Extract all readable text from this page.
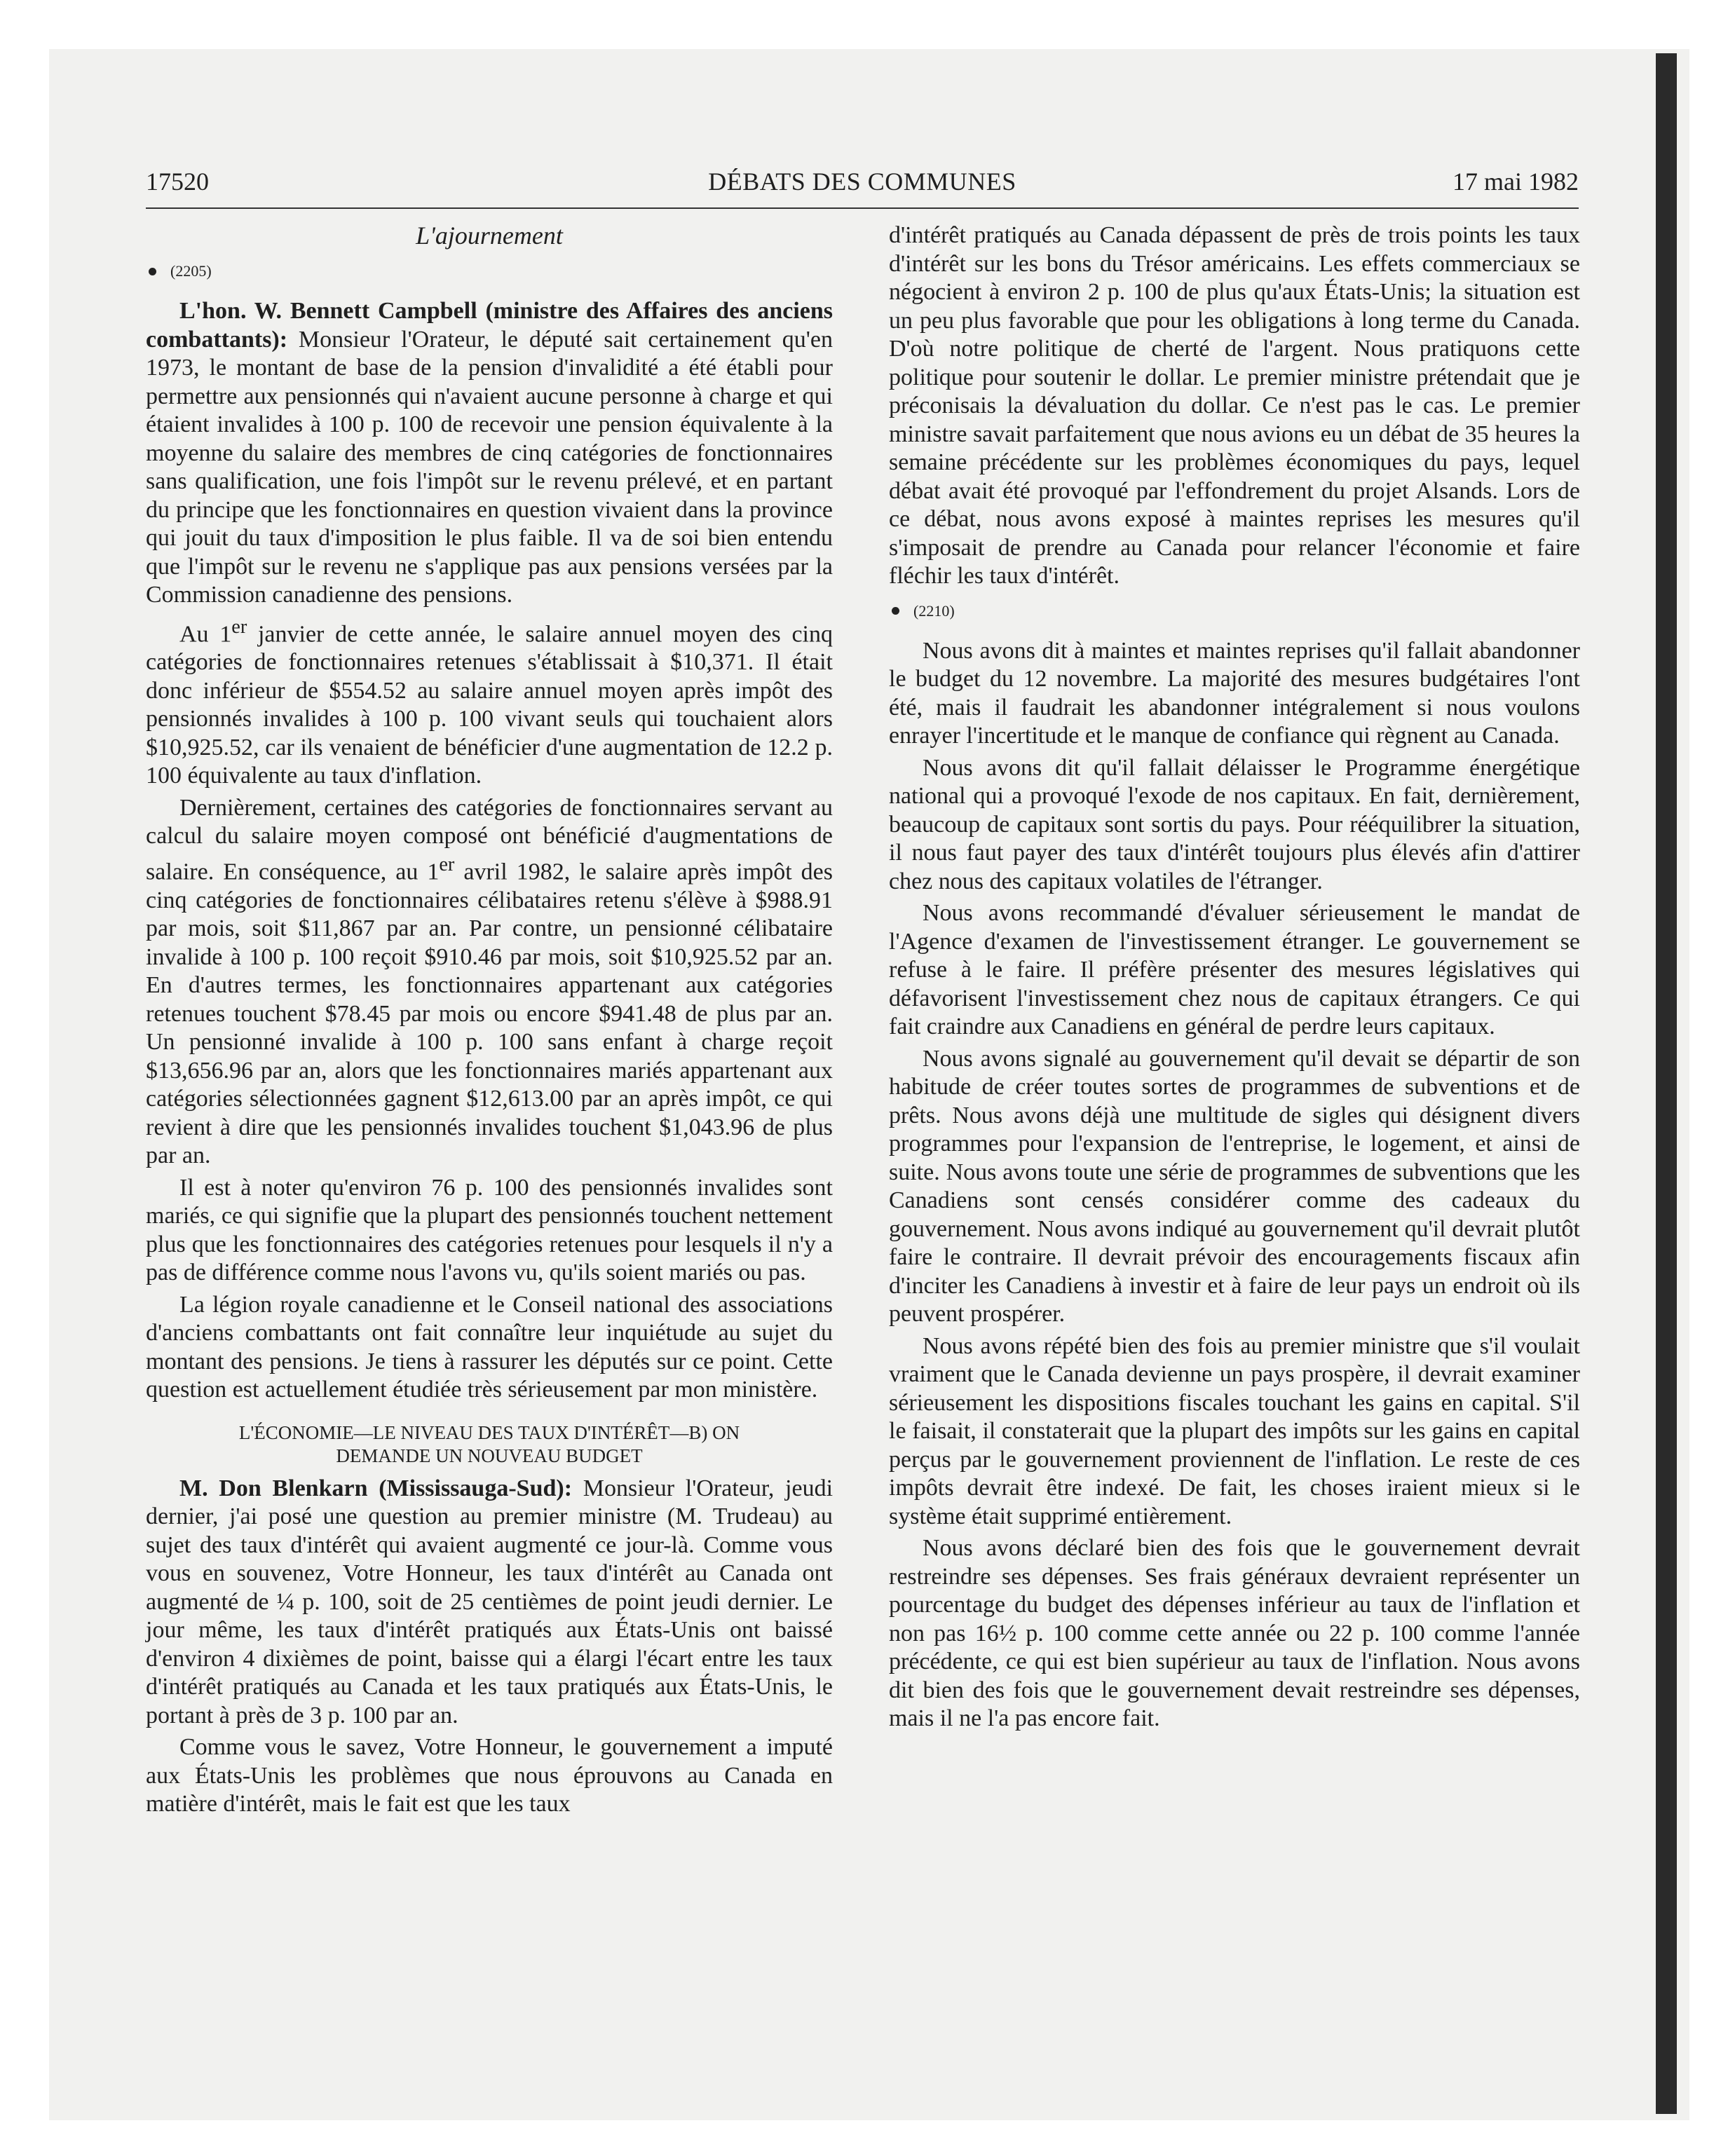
17520	DÉBATS DES COMMUNES	17 mai 1982
L'ajournement
(2205)

L'hon. W. Bennett Campbell (ministre des Affaires des anciens combattants): Monsieur l'Orateur, le député sait certainement qu'en 1973, le montant de base de la pension d'invalidité a été établi pour permettre aux pensionnés qui n'avaient aucune personne à charge et qui étaient invalides à 100 p. 100 de recevoir une pension équivalente à la moyenne du salaire des membres de cinq catégories de fonctionnaires sans qualification, une fois l'impôt sur le revenu prélevé, et en partant du principe que les fonctionnaires en question vivaient dans la province qui jouit du taux d'imposition le plus faible. Il va de soi bien entendu que l'impôt sur le revenu ne s'applique pas aux pensions versées par la Commission canadienne des pensions.

Au 1er janvier de cette année, le salaire annuel moyen des cinq catégories de fonctionnaires retenues s'établissait à $10,371. Il était donc inférieur de $554.52 au salaire annuel moyen après impôt des pensionnés invalides à 100 p. 100 vivant seuls qui touchaient alors $10,925.52, car ils venaient de bénéficier d'une augmentation de 12.2 p. 100 équivalente au taux d'inflation.

Dernièrement, certaines des catégories de fonctionnaires servant au calcul du salaire moyen composé ont bénéficié d'augmentations de salaire. En conséquence, au 1er avril 1982, le salaire après impôt des cinq catégories de fonctionnaires célibataires retenu s'élève à $988.91 par mois, soit $11,867 par an. Par contre, un pensionné célibataire invalide à 100 p. 100 reçoit $910.46 par mois, soit $10,925.52 par an. En d'autres termes, les fonctionnaires appartenant aux catégories retenues touchent $78.45 par mois ou encore $941.48 de plus par an. Un pensionné invalide à 100 p. 100 sans enfant à charge reçoit $13,656.96 par an, alors que les fonctionnaires mariés appartenant aux catégories sélectionnées gagnent $12,613.00 par an après impôt, ce qui revient à dire que les pensionnés invalides touchent $1,043.96 de plus par an.

Il est à noter qu'environ 76 p. 100 des pensionnés invalides sont mariés, ce qui signifie que la plupart des pensionnés touchent nettement plus que les fonctionnaires des catégories retenues pour lesquels il n'y a pas de différence comme nous l'avons vu, qu'ils soient mariés ou pas.

La légion royale canadienne et le Conseil national des associations d'anciens combattants ont fait connaître leur inquiétude au sujet du montant des pensions. Je tiens à rassurer les députés sur ce point. Cette question est actuellement étudiée très sérieusement par mon ministère.

L'ÉCONOMIE—LE NIVEAU DES TAUX D'INTÉRÊT—B) ON
DEMANDE UN NOUVEAU BUDGET

M. Don Blenkarn (Mississauga-Sud): Monsieur l'Orateur, jeudi dernier, j'ai posé une question au premier ministre (M. Trudeau) au sujet des taux d'intérêt qui avaient augmenté ce jour-là. Comme vous vous en souvenez, Votre Honneur, les taux d'intérêt au Canada ont augmenté de ¼ p. 100, soit de 25 centièmes de point jeudi dernier. Le jour même, les taux d'intérêt pratiqués aux États-Unis ont baissé d'environ 4 dixièmes de point, baisse qui a élargi l'écart entre les taux d'intérêt pratiqués au Canada et les taux pratiqués aux États-Unis, le portant à près de 3 p. 100 par an.

Comme vous le savez, Votre Honneur, le gouvernement a imputé aux États-Unis les problèmes que nous éprouvons au Canada en matière d'intérêt, mais le fait est que les taux

d'intérêt pratiqués au Canada dépassent de près de trois points les taux d'intérêt sur les bons du Trésor américains. Les effets commerciaux se négocient à environ 2 p. 100 de plus qu'aux États-Unis; la situation est un peu plus favorable que pour les obligations à long terme du Canada. D'où notre politique de cherté de l'argent. Nous pratiquons cette politique pour soutenir le dollar. Le premier ministre prétendait que je préconisais la dévaluation du dollar. Ce n'est pas le cas. Le premier ministre savait parfaitement que nous avions eu un débat de 35 heures la semaine précédente sur les problèmes économiques du pays, lequel débat avait été provoqué par l'effondrement du projet Alsands. Lors de ce débat, nous avons exposé à maintes reprises les mesures qu'il s'imposait de prendre au Canada pour relancer l'économie et faire fléchir les taux d'intérêt.

(2210)

Nous avons dit à maintes et maintes reprises qu'il fallait abandonner le budget du 12 novembre. La majorité des mesures budgétaires l'ont été, mais il faudrait les abandonner intégralement si nous voulons enrayer l'incertitude et le manque de confiance qui règnent au Canada.

Nous avons dit qu'il fallait délaisser le Programme énergétique national qui a provoqué l'exode de nos capitaux. En fait, dernièrement, beaucoup de capitaux sont sortis du pays. Pour rééquilibrer la situation, il nous faut payer des taux d'intérêt toujours plus élevés afin d'attirer chez nous des capitaux volatiles de l'étranger.

Nous avons recommandé d'évaluer sérieusement le mandat de l'Agence d'examen de l'investissement étranger. Le gouvernement se refuse à le faire. Il préfère présenter des mesures législatives qui défavorisent l'investissement chez nous de capitaux étrangers. Ce qui fait craindre aux Canadiens en général de perdre leurs capitaux.

Nous avons signalé au gouvernement qu'il devait se départir de son habitude de créer toutes sortes de programmes de subventions et de prêts. Nous avons déjà une multitude de sigles qui désignent divers programmes pour l'expansion de l'entreprise, le logement, et ainsi de suite. Nous avons toute une série de programmes de subventions que les Canadiens sont censés considérer comme des cadeaux du gouvernement. Nous avons indiqué au gouvernement qu'il devrait plutôt faire le contraire. Il devrait prévoir des encouragements fiscaux afin d'inciter les Canadiens à investir et à faire de leur pays un endroit où ils peuvent prospérer.

Nous avons répété bien des fois au premier ministre que s'il voulait vraiment que le Canada devienne un pays prospère, il devrait examiner sérieusement les dispositions fiscales touchant les gains en capital. S'il le faisait, il constaterait que la plupart des impôts sur les gains en capital perçus par le gouvernement proviennent de l'inflation. Le reste de ces impôts devrait être indexé. De fait, les choses iraient mieux si le système était supprimé entièrement.

Nous avons déclaré bien des fois que le gouvernement devrait restreindre ses dépenses. Ses frais généraux devraient représenter un pourcentage du budget des dépenses inférieur au taux de l'inflation et non pas 16½ p. 100 comme cette année ou 22 p. 100 comme l'année précédente, ce qui est bien supérieur au taux de l'inflation. Nous avons dit bien des fois que le gouvernement devait restreindre ses dépenses, mais il ne l'a pas encore fait.
